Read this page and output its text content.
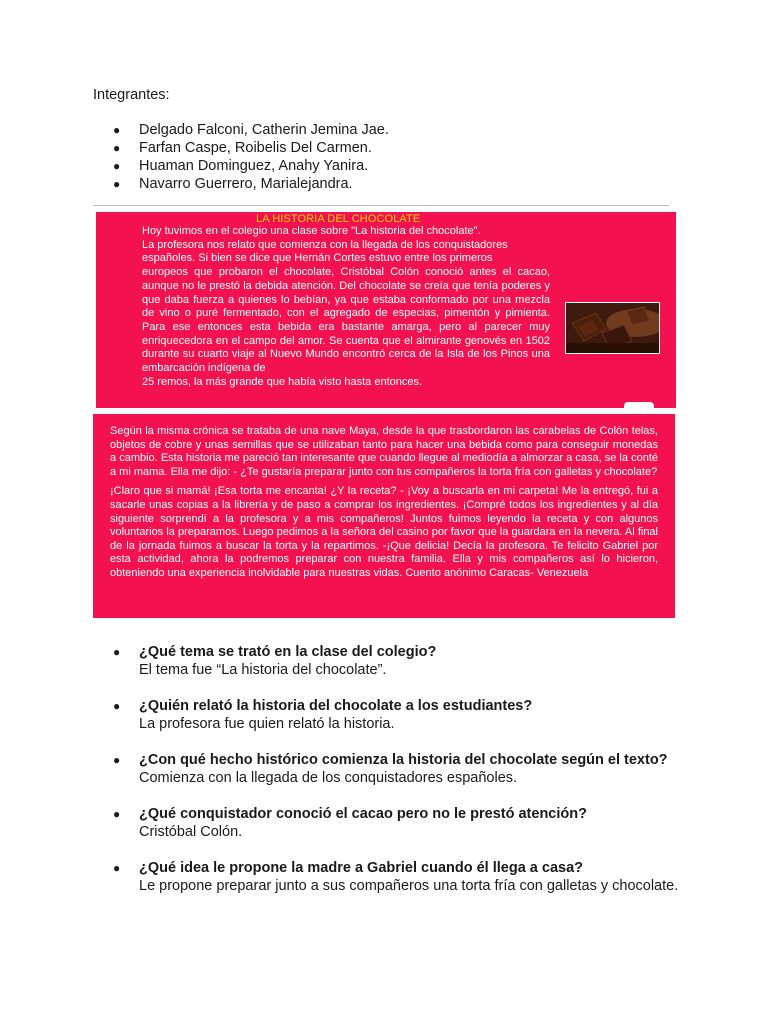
Integrantes:
● Delgado Falconi, Catherin Jemina Jae.
● Farfan Caspe, Roibelis Del Carmen.
● Huaman Dominguez, Anahy Yanira.
● Navarro Guerrero, Marialejandra.
LA HISTORIA DEL CHOCOLATE

Hoy tuvimos en el colegio una clase sobre "La historia del chocolate".

La profesora nos relato que comienza con la llegada de los conquistadores

españoles. Si bien se dice que Hernán Cortes estuvo entre los primeros

europeos que probaron el chocolate, Cristóbal Colón conoció antes el cacao, aunque no le prestó la debida atención. Del chocolate se creía que tenía poderes y que daba fuerza a quienes lo bebían, ya que estaba conformado por una mezcla de vino o puré fermentado, con el agregado de especias, pimentón y pimienta. Para ese entonces esta bebida era bastante amarga, pero al parecer muy enriquecedora en el campo del amor. Se cuenta que el almirante genovés en 1502 durante su cuarto viaje al Nuevo Mundo encontró cerca de la Isla de los Pinos una embarcación indígena de

25 remos, la más grande que había visto hasta entonces.

Según la misma crónica se trataba de una nave Maya, desde la que trasbordaron las carabelas de Colón telas, objetos de cobre y unas semillas que se utilizaban tanto para hacer una bebida como para conseguir monedas a cambio. Esta historia me pareció tan interesante que cuando llegue al mediodía a almorzar a casa, se la conté a mi mama. Ella me dijo: - ¿Te gustaría preparar junto con tus compañeros la torta fría con galletas y chocolate?

¡Claro que si mamá! ¡Esa torta me encanta! ¿Y la receta? - ¡Voy a buscarla en mi carpeta! Me la entregó, fui a sacarle unas copias a la librería y de paso a comprar los ingredientes. ¡Compré todos los ingredientes y al día siguiente sorprendí a la profesora y a mis compañeros! Juntos fuimos leyendo la receta y con algunos voluntarios la preparamos. Luego pedimos a la señora del casino por favor que la guardara en la nevera. Al final de la jornada fuimos a buscar la torta y la repartimos. -¡Que delicia! Decía la profesora. Te felicito Gabriel por esta actividad, ahora la podremos preparar con nuestra familia. Ella y mis compañeros así lo hicieron, obteniendo una experiencia inolvidable para nuestras vidas. Cuento anónimo Caracas- Venezuela

● ¿Qué tema se trató en la clase del colegio?
El tema fue “La historia del chocolate”.
● ¿Quién relató la historia del chocolate a los estudiantes?
La profesora fue quien relató la historia.
● ¿Con qué hecho histórico comienza la historia del chocolate según el texto?
Comienza con la llegada de los conquistadores españoles.
● ¿Qué conquistador conoció el cacao pero no le prestó atención?
Cristóbal Colón.
● ¿Qué idea le propone la madre a Gabriel cuando él llega a casa?
Le propone preparar junto a sus compañeros una torta fría con galletas y chocolate.
